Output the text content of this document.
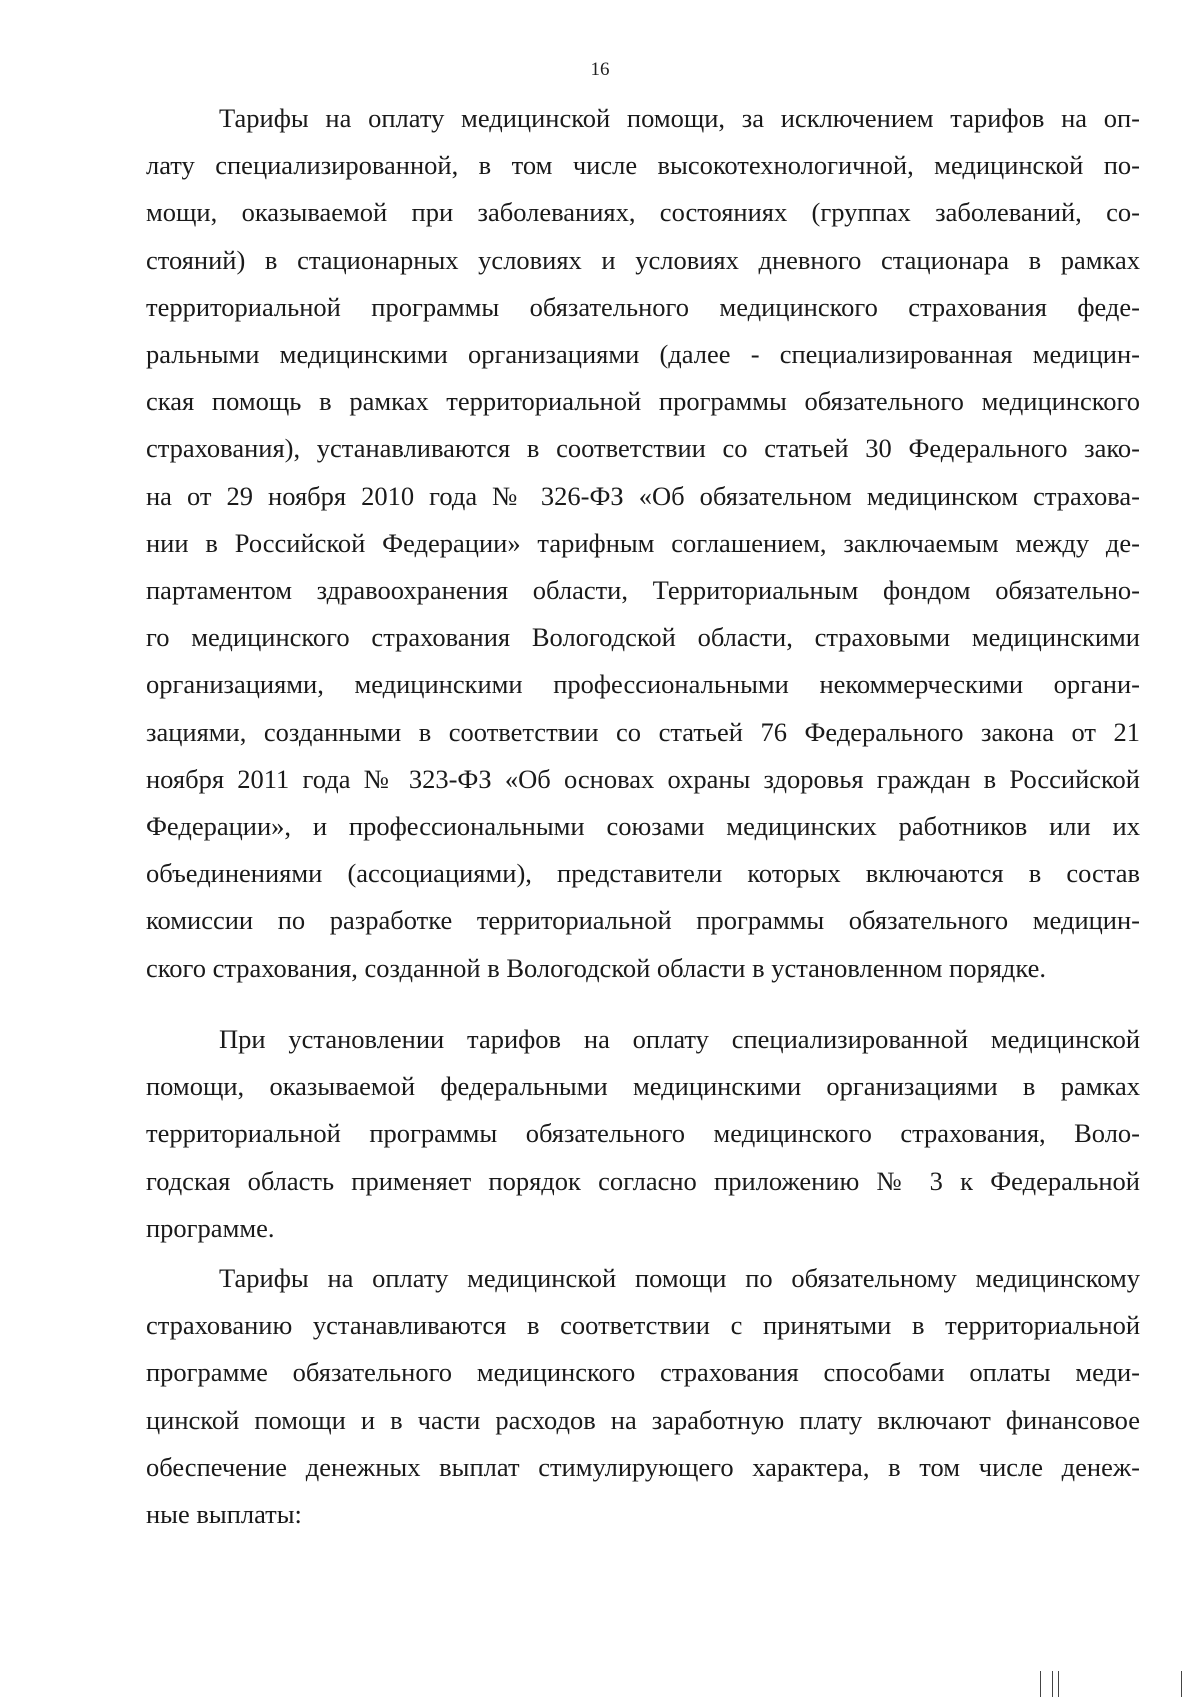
16
Тарифы на оплату медицинской помощи, за исключением тарифов на оп-
лату специализированной, в том числе высокотехнологичной, медицинской по-
мощи, оказываемой при заболеваниях, состояниях (группах заболеваний, со-
стояний) в стационарных условиях и условиях дневного стационара в рамках
территориальной программы обязательного медицинского страхования феде-
ральными медицинскими организациями (далее - специализированная медицин-
ская помощь в рамках территориальной программы обязательного медицинского
страхования), устанавливаются в соответствии со статьей 30 Федерального зако-
на от 29 ноября 2010 года № 326-ФЗ «Об обязательном медицинском страхова-
нии в Российской Федерации» тарифным соглашением, заключаемым между де-
партаментом здравоохранения области, Территориальным фондом обязательно-
го медицинского страхования Вологодской области, страховыми медицинскими
организациями, медицинскими профессиональными некоммерческими органи-
зациями, созданными в соответствии со статьей 76 Федерального закона от 21
ноября 2011 года № 323-ФЗ «Об основах охраны здоровья граждан в Российской
Федерации», и профессиональными союзами медицинских работников или их
объединениями (ассоциациями), представители которых включаются в состав
комиссии по разработке территориальной программы обязательного медицин-
ского страхования, созданной в Вологодской области в установленном порядке.
При установлении тарифов на оплату специализированной медицинской
помощи, оказываемой федеральными медицинскими организациями в рамках
территориальной программы обязательного медицинского страхования, Воло-
годская область применяет порядок согласно приложению № 3 к Федеральной
программе.
Тарифы на оплату медицинской помощи по обязательному медицинскому
страхованию устанавливаются в соответствии с принятыми в территориальной
программе обязательного медицинского страхования способами оплаты меди-
цинской помощи и в части расходов на заработную плату включают финансовое
обеспечение денежных выплат стимулирующего характера, в том числе денеж-
ные выплаты:
